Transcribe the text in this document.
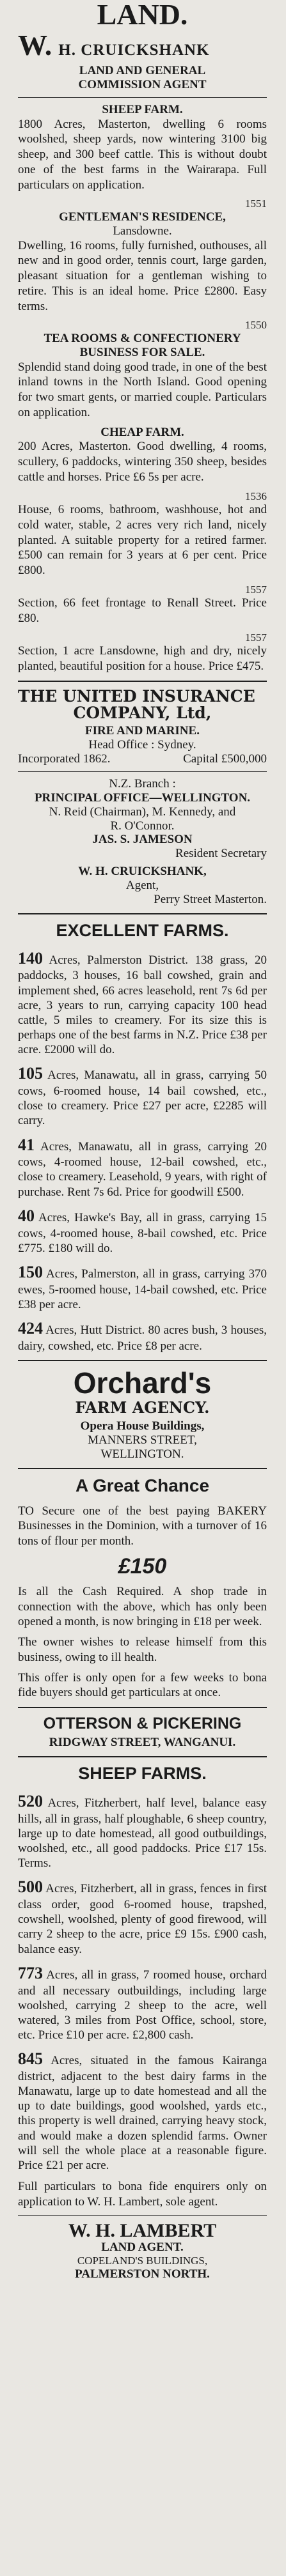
LAND.
W. H. CRUICKSHANK
LAND AND GENERAL COMMISSION AGENT
SHEEP FARM.

1800 Acres, Masterton, dwelling 6 rooms woolshed, sheep yards, now wintering 3100 big sheep, and 300 beef cattle. This is without doubt one of the best farms in the Wairarapa. Full particulars on application.

1551
GENTLEMAN'S RESIDENCE,
Lansdowne.

Dwelling, 16 rooms, fully furnished, outhouses, all new and in good order, tennis court, large garden, pleasant situation for a gentleman wishing to retire. This is an ideal home. Price £2800. Easy terms.

1550
TEA ROOMS & CONFECTIONERY BUSINESS FOR SALE.

Splendid stand doing good trade, in one of the best inland towns in the North Island. Good opening for two smart gents, or married couple. Particulars on application.

CHEAP FARM.

200 Acres, Masterton. Good dwelling, 4 rooms, scullery, 6 paddocks, wintering 350 sheep, besides cattle and horses. Price £6 5s per acre.

1536

House, 6 rooms, bathroom, washhouse, hot and cold water, stable, 2 acres very rich land, nicely planted. A suitable property for a retired farmer. £500 can remain for 3 years at 6 per cent. Price £800.

1557

Section, 66 feet frontage to Renall Street. Price £80.

1557

Section, 1 acre Lansdowne, high and dry, nicely planted, beautiful position for a house. Price £475.

THE UNITED INSURANCE
COMPANY, Ltd,
FIRE AND MARINE.
Head Office : Sydney.
Incorporated 1862.	Capital £500,000
N.Z. Branch :
PRINCIPAL OFFICE—WELLINGTON.
N. Reid (Chairman), M. Kennedy, and
R. O'Connor.
JAS. S. JAMESON
Resident Secretary
W. H. CRUICKSHANK,
Agent,
Perry Street Masterton.
EXCELLENT FARMS.

140 Acres, Palmerston District. 138 grass, 20 paddocks, 3 houses, 16 ball cowshed, grain and implement shed, 66 acres leasehold, rent 7s 6d per acre, 3 years to run, carrying capacity 100 head cattle, 5 miles to creamery. For its size this is perhaps one of the best farms in N.Z. Price £38 per acre. £2000 will do.

105 Acres, Manawatu, all in grass, carrying 50 cows, 6-roomed house, 14 bail cowshed, etc., close to creamery. Price £27 per acre, £2285 will carry.

41 Acres, Manawatu, all in grass, carrying 20 cows, 4-roomed house, 12-bail cowshed, etc., close to creamery. Leasehold, 9 years, with right of purchase. Rent 7s 6d. Price for goodwill £500.

40 Acres, Hawke's Bay, all in grass, carrying 15 cows, 4-roomed house, 8-bail cowshed, etc. Price £775. £180 will do.

150 Acres, Palmerston, all in grass, carrying 370 ewes, 5-roomed house, 14-bail cowshed, etc. Price £38 per acre.

424 Acres, Hutt District. 80 acres bush, 3 houses, dairy, cowshed, etc. Price £8 per acre.

Orchard's
FARM AGENCY.
Opera House Buildings,
MANNERS STREET,
WELLINGTON.
A Great Chance

TO Secure one of the best paying BAKERY Businesses in the Dominion, with a turnover of 16 tons of flour per month.

£150

Is all the Cash Required. A shop trade in connection with the above, which has only been opened a month, is now bringing in £18 per week.

The owner wishes to release himself from this business, owing to ill health.

This offer is only open for a few weeks to bona fide buyers should get particulars at once.

OTTERSON & PICKERING
RIDGWAY STREET, WANGANUI.
SHEEP FARMS.

520 Acres, Fitzherbert, half level, balance easy hills, all in grass, half ploughable, 6 sheep country, large up to date homestead, all good outbuildings, woolshed, etc., all good paddocks. Price £17 15s. Terms.

500 Acres, Fitzherbert, all in grass, fences in first class order, good 6-roomed house, trapshed, cowshell, woolshed, plenty of good firewood, will carry 2 sheep to the acre, price £9 15s. £900 cash, balance easy.

773 Acres, all in grass, 7 roomed house, orchard and all necessary outbuildings, including large woolshed, carrying 2 sheep to the acre, well watered, 3 miles from Post Office, school, store, etc. Price £10 per acre. £2,800 cash.

845 Acres, situated in the famous Kairanga district, adjacent to the best dairy farms in the Manawatu, large up to date homestead and all the up to date buildings, good woolshed, yards etc., this property is well drained, carrying heavy stock, and would make a dozen splendid farms. Owner will sell the whole place at a reasonable figure. Price £21 per acre.

Full particulars to bona fide enquirers only on application to W. H. Lambert, sole agent.

W. H. LAMBERT
LAND AGENT.
COPELAND'S BUILDINGS,
PALMERSTON NORTH.
